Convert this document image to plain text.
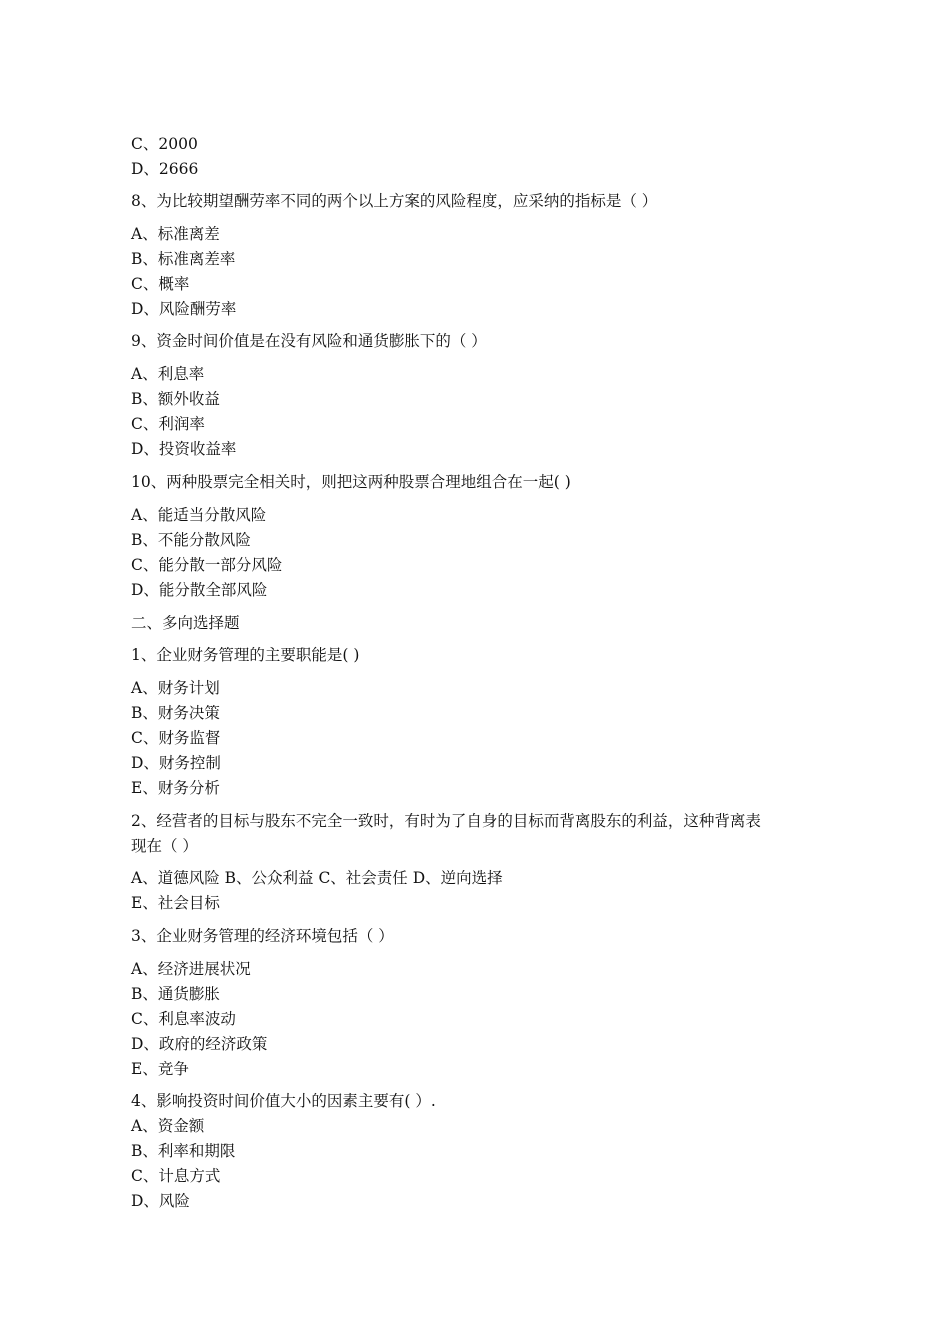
C、2000
D、2666
8、为比较期望酬劳率不同的两个以上方案的风险程度，应采纳的指标是（ ）
A、标准离差
B、标准离差率
C、概率
D、风险酬劳率
9、资金时间价值是在没有风险和通货膨胀下的（ ）
A、利息率
B、额外收益
C、利润率
D、投资收益率
10、两种股票完全相关时，则把这两种股票合理地组合在一起( )
A、能适当分散风险
B、不能分散风险
C、能分散一部分风险
D、能分散全部风险
二、多向选择题
1、企业财务管理的主要职能是( )
A、财务计划
B、财务决策
C、财务监督
D、财务控制
E、财务分析
2、经营者的目标与股东不完全一致时，有时为了自身的目标而背离股东的利益，这种背离表
现在（ ）
A、道德风险 B、公众利益 C、社会责任 D、逆向选择
E、社会目标
3、企业财务管理的经济环境包括（ ）
A、经济进展状况
B、通货膨胀
C、利息率波动
D、政府的经济政策
E、竞争
4、影响投资时间价值大小的因素主要有( ）.
A、资金额
B、利率和期限
C、计息方式
D、风险
